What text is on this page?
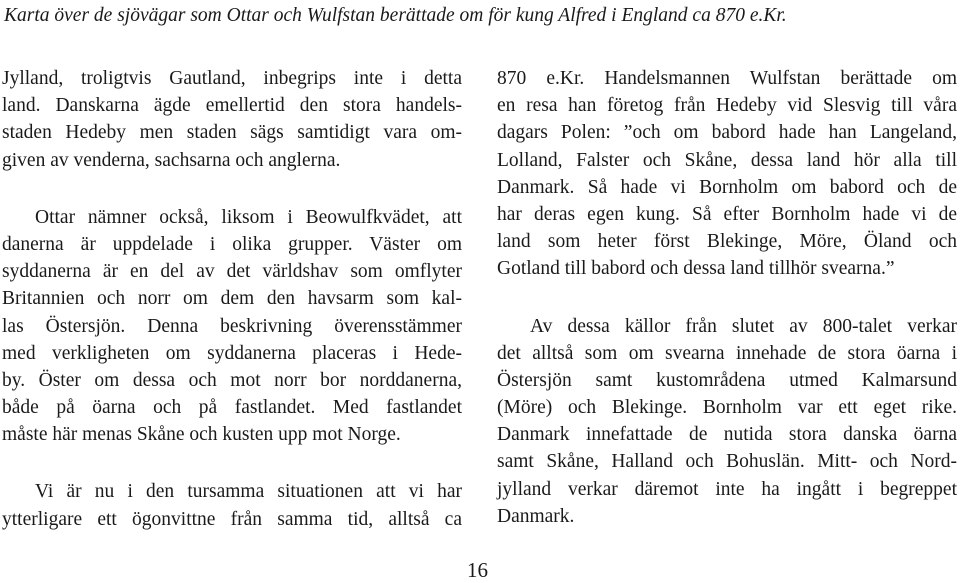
Karta över de sjövägar som Ottar och Wulfstan berättade om för kung Alfred i England ca 870 e.Kr.
Jylland, troligtvis Gautland, inbegrips inte i detta
land. Danskarna ägde emellertid den stora handels-
staden Hedeby men staden sägs samtidigt vara om-
given av venderna, sachsarna och anglerna.
Ottar nämner också, liksom i Beowulfkvädet, att
danerna är uppdelade i olika grupper. Väster om
syddanerna är en del av det världshav som omflyter
Britannien och norr om dem den havsarm som kal-
las Östersjön. Denna beskrivning överensstämmer
med verkligheten om syddanerna placeras i Hede-
by. Öster om dessa och mot norr bor norddanerna,
både på öarna och på fastlandet. Med fastlandet
måste här menas Skåne och kusten upp mot Norge.
Vi är nu i den tursamma situationen att vi har
ytterligare ett ögonvittne från samma tid, alltså ca
870 e.Kr. Handelsmannen Wulfstan berättade om
en resa han företog från Hedeby vid Slesvig till våra
dagars Polen: ”och om babord hade han Langeland,
Lolland, Falster och Skåne, dessa land hör alla till
Danmark. Så hade vi Bornholm om babord och de
har deras egen kung. Så efter Bornholm hade vi de
land som heter först Blekinge, Möre, Öland och
Gotland till babord och dessa land tillhör svearna.”
Av dessa källor från slutet av 800-talet verkar
det alltså som om svearna innehade de stora öarna i
Östersjön samt kustområdena utmed Kalmarsund
(Möre) och Blekinge. Bornholm var ett eget rike.
Danmark innefattade de nutida stora danska öarna
samt Skåne, Halland och Bohuslän. Mitt- och Nord-
jylland verkar däremot inte ha ingått i begreppet
Danmark.
16
